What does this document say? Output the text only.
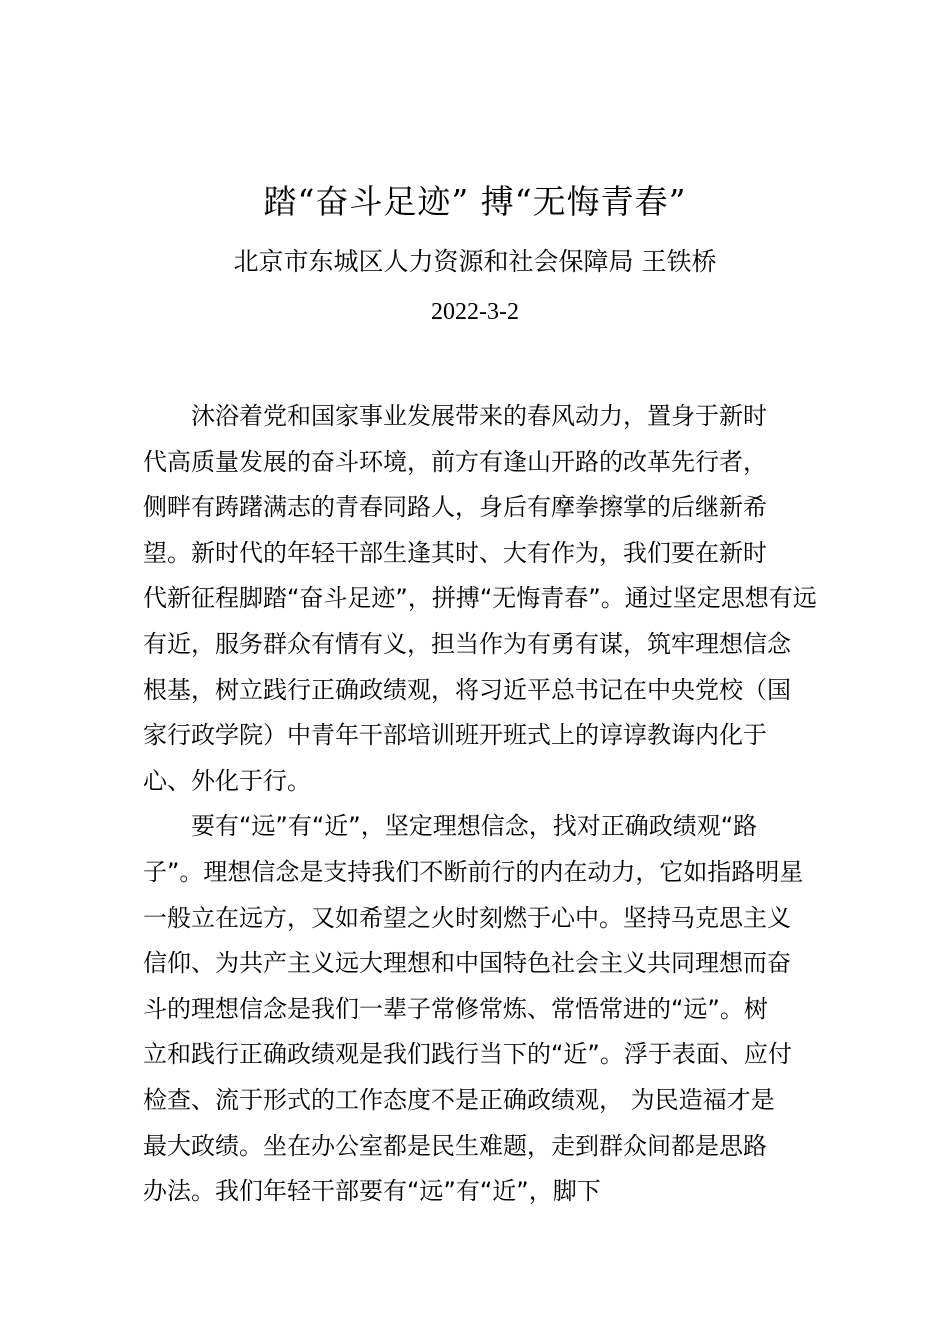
踏“奋斗足迹” 搏“无悔青春”
北京市东城区人力资源和社会保障局 王铁桥
2022-3-2
沐浴着党和国家事业发展带来的春风动力，置身于新时
代高质量发展的奋斗环境，前方有逢山开路的改革先行者，
侧畔有踌躇满志的青春同路人，身后有摩拳擦掌的后继新希
望。新时代的年轻干部生逢其时、大有作为，我们要在新时
代新征程脚踏“奋斗足迹”，拼搏“无悔青春”。通过坚定思想有远
有近，服务群众有情有义，担当作为有勇有谋，筑牢理想信念
根基，树立践行正确政绩观，将习近平总书记在中央党校（国
家行政学院）中青年干部培训班开班式上的谆谆教诲内化于
心、外化于行。
要有“远”有“近”，坚定理想信念，找对正确政绩观“路
子”。理想信念是支持我们不断前行的内在动力，它如指路明星
一般立在远方，又如希望之火时刻燃于心中。坚持马克思主义
信仰、为共产主义远大理想和中国特色社会主义共同理想而奋
斗的理想信念是我们一辈子常修常炼、常悟常进的“远”。树
立和践行正确政绩观是我们践行当下的“近”。浮于表面、应付
检查、流于形式的工作态度不是正确政绩观， 为民造福才是
最大政绩。坐在办公室都是民生难题，走到群众间都是思路
办法。我们年轻干部要有“远”有“近”，脚下
